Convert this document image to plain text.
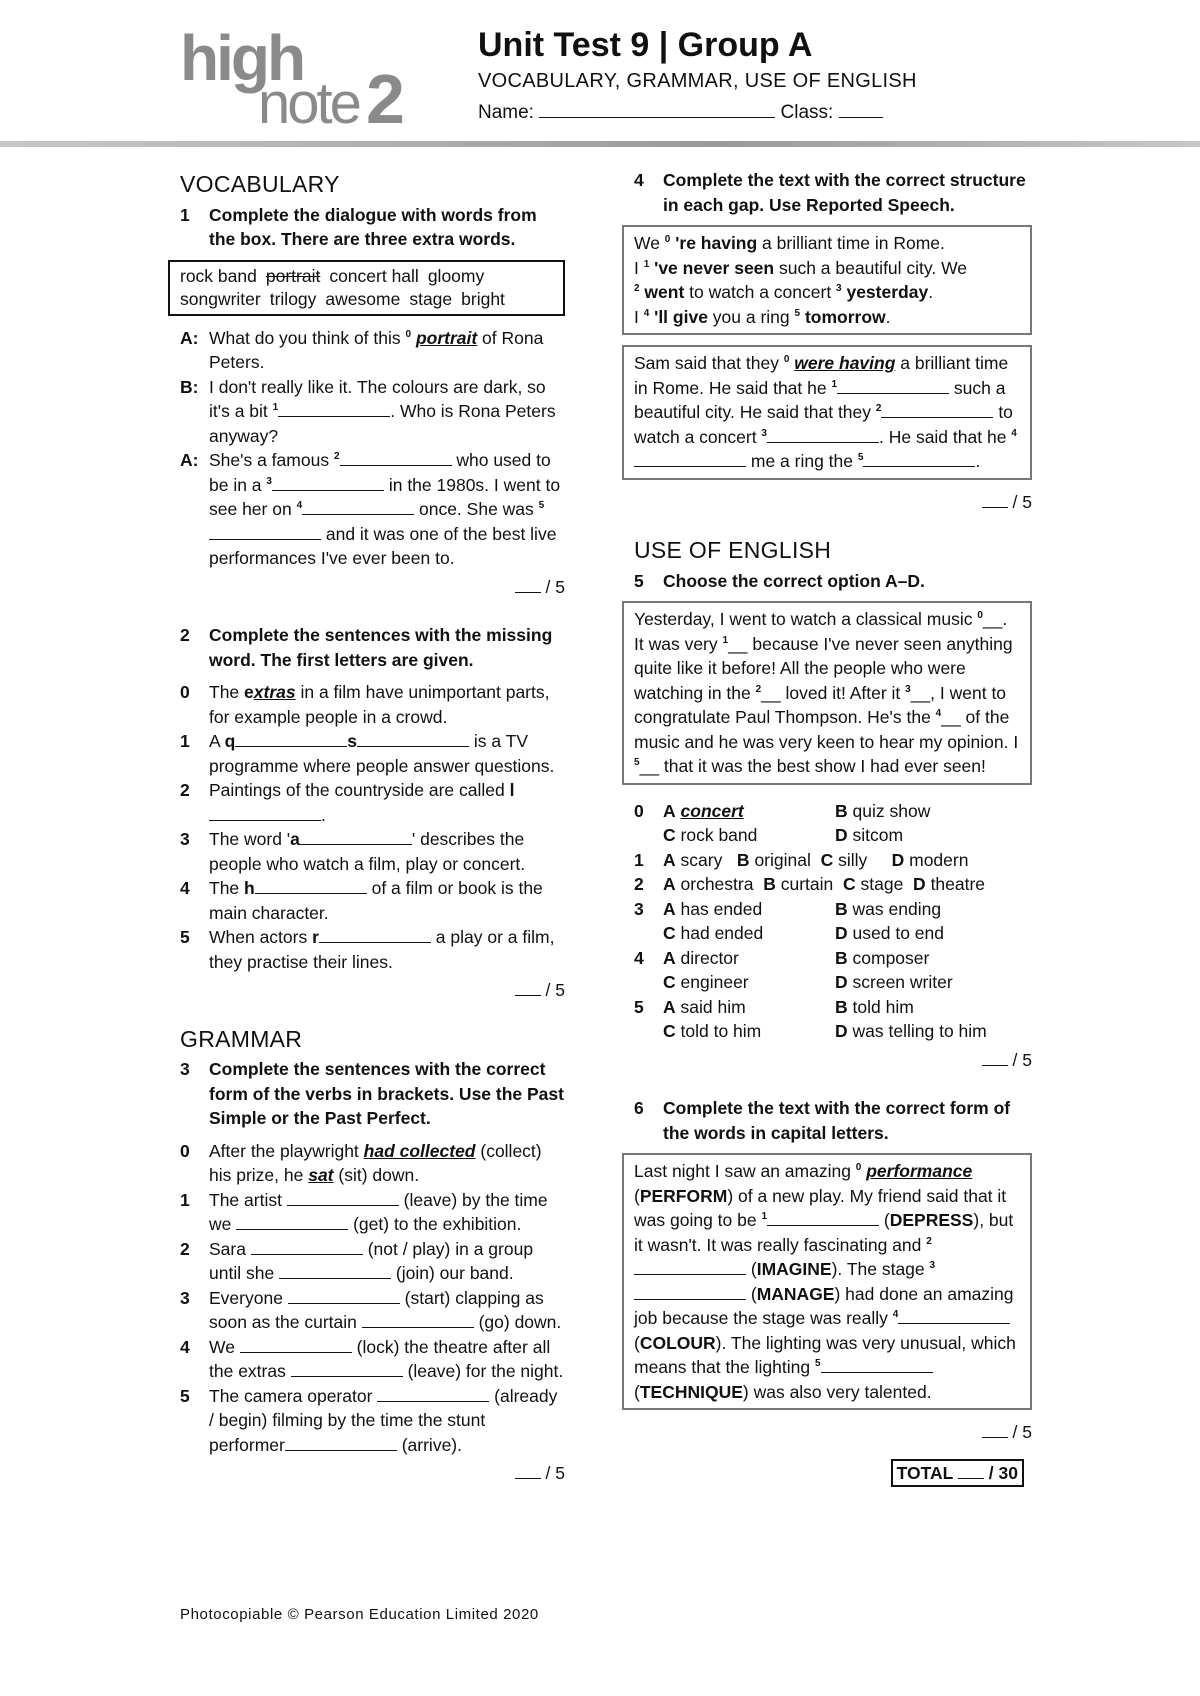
high
note 2
Unit Test 9 | Group A
VOCABULARY, GRAMMAR, USE OF ENGLISH
Name:	Class:
VOCABULARY
1	Complete the dialogue with words from the box. There are three extra words.
rock band portrait concert hall gloomy
songwriter trilogy awesome stage bright
A: What do you think of this $^0$ portrait of Rona Peters.
B: I don't really like it. The colours are dark, so it's a bit $^1$	. Who is Rona Peters anyway?
A: She's a famous $^2$	who used to be in a $^3$	in the 1980s. I went to see her on $^4$	once. She was $^5$ and it was one of the best live performances I've ever been to.
/ 5
2	Complete the sentences with the missing word. The first letters are given.
0	The extras in a film have unimportant parts, for example people in a crowd.
1	A q	s	is a TV programme where people answer questions.
2	Paintings of the countryside are called l.
3	The word 'a	' describes the people who watch a film, play or concert.
4	The h	of a film or book is the main character.
5	When actors r	a play or a film, they practise their lines.
/ 5
GRAMMAR
3	Complete the sentences with the correct form of the verbs in brackets. Use the Past Simple or the Past Perfect.
0	After the playwright had collected (collect) his prize, he sat (sit) down.
1	The artist	(leave) by the time we	(get) to the exhibition.
2	Sara	(not / play) in a group until she	(join) our band.
3	Everyone	(start) clapping as soon as the curtain	(go) down.
4	We	(lock) the theatre after all the extras	(leave) for the night.
5	The camera operator	(already / begin) filming by the time the stunt performer	(arrive).
/ 5
4	Complete the text with the correct structure in each gap. Use Reported Speech.
We $^0$ 're having a brilliant time in Rome.
I $^1$ 've never seen such a beautiful city. We
$^2$ went to watch a concert $^3$ yesterday.
I $^4$ 'll give you a ring $^5$ tomorrow.
Sam said that they $^0$ were having a brilliant time in Rome. He said that he $^1$	such a beautiful city. He said that they $^2$	to watch a concert $^3$	. He said that he $^4$ me a ring the $^5$	.
/ 5
USE OF ENGLISH
5	Choose the correct option A–D.
Yesterday, I went to watch a classical music $^0$__. It was very $^1$__ because I've never seen anything quite like it before! All the people who were watching in the $^2$__ loved it! After it $^3$__, I went to congratulate Paul Thompson. He's the $^4$__ of the music and he was very keen to hear my opinion. I $^5$__ that it was the best show I had ever seen!
0	A concert	B quiz show
C rock band	D sitcom
1	A scary B original C silly D modern
2	A orchestra B curtain C stage D theatre
3	A has ended	B was ending
C had ended	D used to end
4	A director	B composer
C engineer	D screen writer
5	A said him	B told him
C told to him	D was telling to him
/ 5
6	Complete the text with the correct form of the words in capital letters.
Last night I saw an amazing $^0$ performance (PERFORM) of a new play. My friend said that it was going to be $^1$	(DEPRESS), but it wasn't. It was really fascinating and $^2$ (IMAGINE). The stage $^3$ (MANAGE) had done an amazing job because the stage was really $^4$ (COLOUR). The lighting was very unusual, which means that the lighting $^5$ (TECHNIQUE) was also very talented.
/ 5
TOTAL / 30
Photocopiable © Pearson Education Limited 2020
